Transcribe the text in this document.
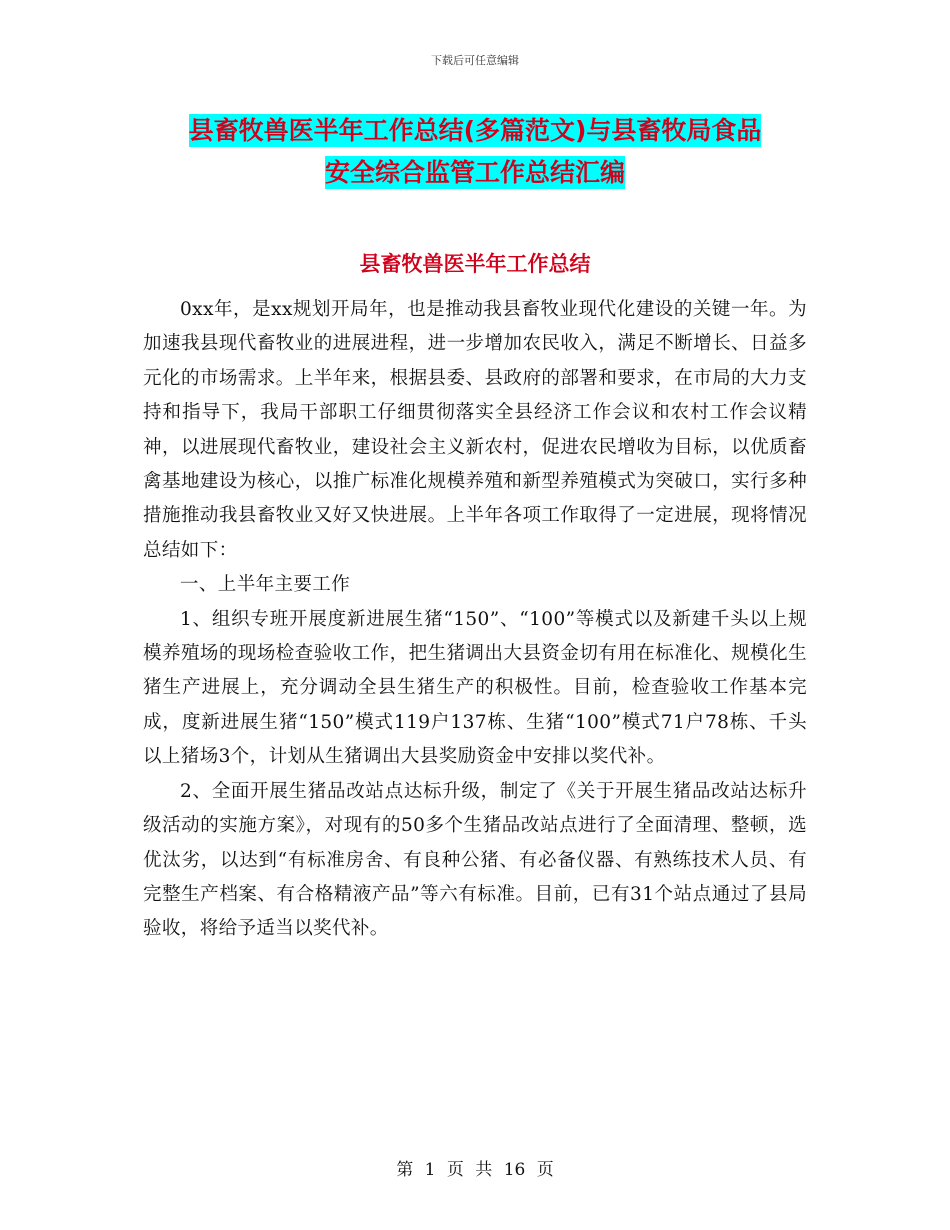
下载后可任意编辑
县畜牧兽医半年工作总结(多篇范文)与县畜牧局食品
安全综合监管工作总结汇编
县畜牧兽医半年工作总结

0xx年，是xx规划开局年，也是推动我县畜牧业现代化建设的关键一年。为加速我县现代畜牧业的进展进程，进一步增加农民收入，满足不断增长、日益多元化的市场需求。上半年来，根据县委、县政府的部署和要求，在市局的大力支持和指导下，我局干部职工仔细贯彻落实全县经济工作会议和农村工作会议精神，以进展现代畜牧业，建设社会主义新农村，促进农民增收为目标，以优质畜禽基地建设为核心，以推广标准化规模养殖和新型养殖模式为突破口，实行多种措施推动我县畜牧业又好又快进展。上半年各项工作取得了一定进展，现将情况总结如下：

一、上半年主要工作

1、组织专班开展度新进展生猪“150”、“100”等模式以及新建千头以上规模养殖场的现场检查验收工作，把生猪调出大县资金切有用在标准化、规模化生猪生产进展上，充分调动全县生猪生产的积极性。目前，检查验收工作基本完成，度新进展生猪“150”模式119户137栋、生猪“100”模式71户78栋、千头以上猪场3个，计划从生猪调出大县奖励资金中安排以奖代补。

2、全面开展生猪品改站点达标升级，制定了《关于开展生猪品改站达标升级活动的实施方案》，对现有的50多个生猪品改站点进行了全面清理、整顿，选优汰劣，以达到“有标准房舍、有良种公猪、有必备仪器、有熟练技术人员、有完整生产档案、有合格精液产品”等六有标准。目前，已有31个站点通过了县局验收，将给予适当以奖代补。

第 1 页 共 16 页
